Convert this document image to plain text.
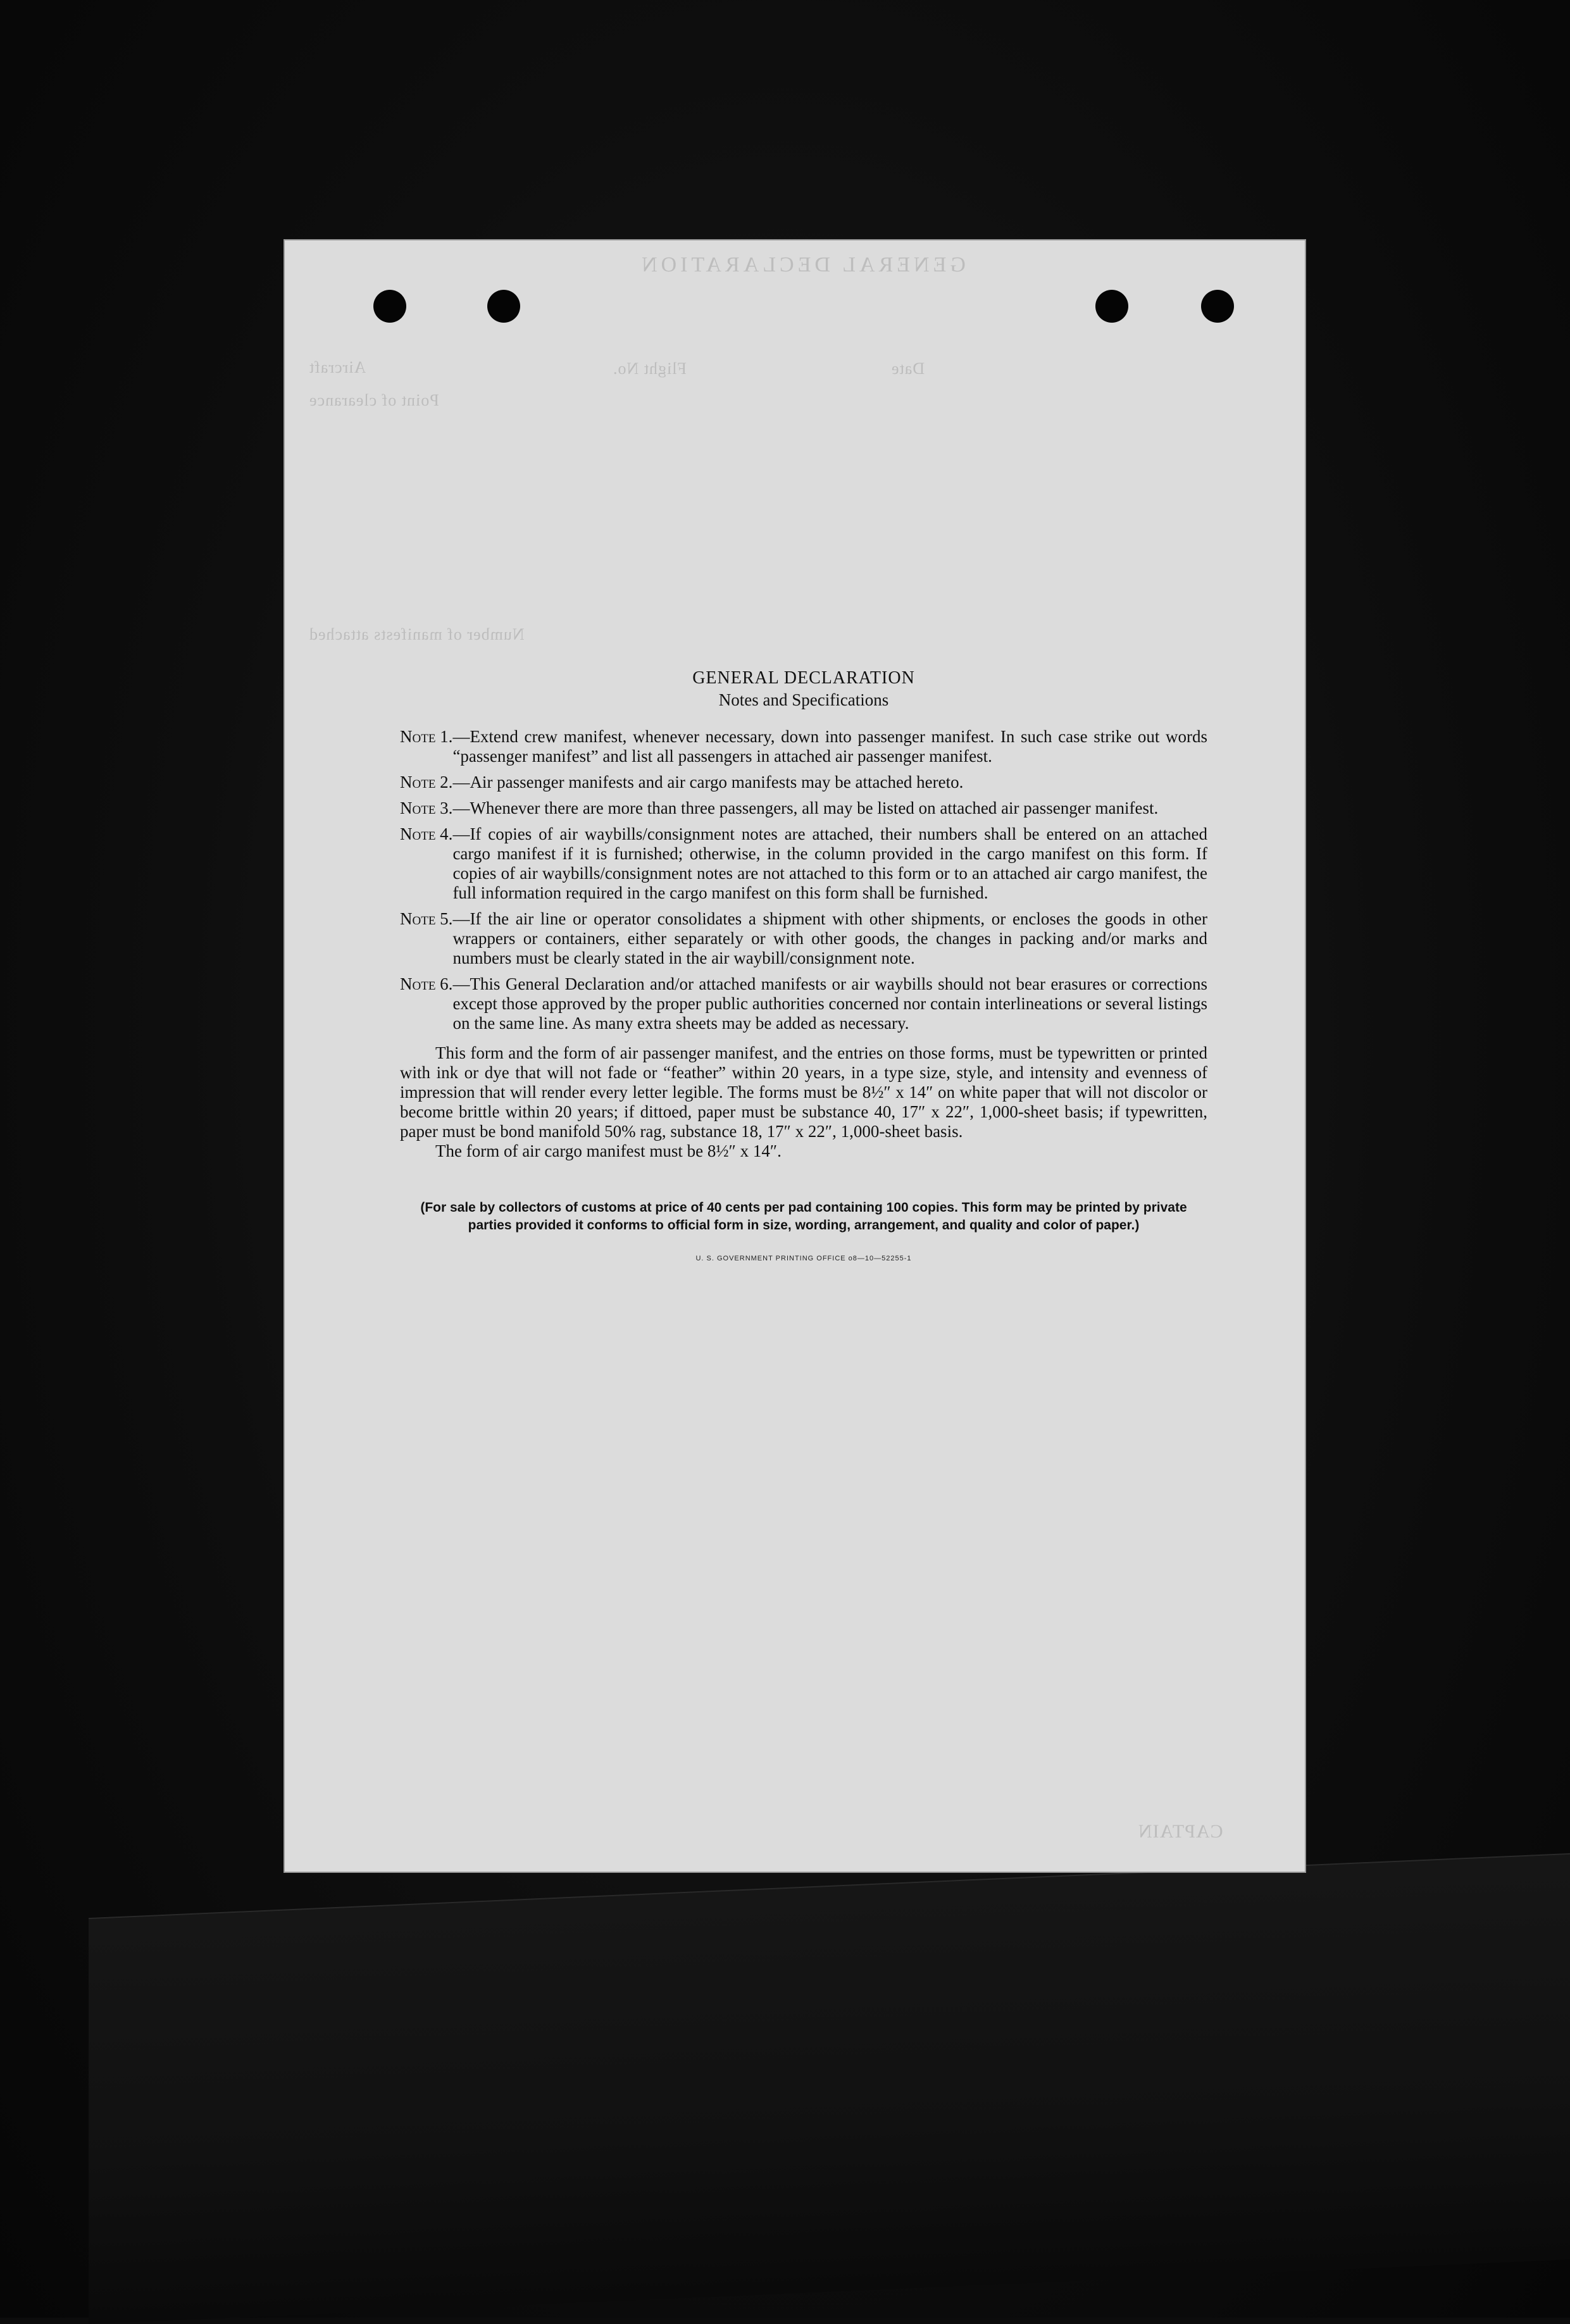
GENERAL DECLARATION
Aircraft
Point of clearance
Flight No.	Date
Number of manifests attached
CAPTAIN
GENERAL DECLARATION
Notes and Specifications
Note 1. —Extend crew manifest, whenever necessary, down into passenger manifest. In such case strike out words “passenger manifest” and list all passengers in attached air passenger manifest.
Note 2. —Air passenger manifests and air cargo manifests may be attached hereto.
Note 3. —Whenever there are more than three passengers, all may be listed on attached air passenger manifest.
Note 4. —If copies of air waybills/consignment notes are attached, their numbers shall be entered on an attached cargo manifest if it is furnished; otherwise, in the column provided in the cargo manifest on this form. If copies of air waybills/consignment notes are not attached to this form or to an attached air cargo manifest, the full information required in the cargo manifest on this form shall be furnished.
Note 5. —If the air line or operator consolidates a shipment with other shipments, or encloses the goods in other wrappers or containers, either separately or with other goods, the changes in packing and/or marks and numbers must be clearly stated in the air waybill/consignment note.
Note 6. —This General Declaration and/or attached manifests or air waybills should not bear erasures or corrections except those approved by the proper public authorities concerned nor contain interlineations or several listings on the same line. As many extra sheets may be added as necessary.

This form and the form of air passenger manifest, and the entries on those forms, must be typewritten or printed with ink or dye that will not fade or “feather” within 20 years, in a type size, style, and intensity and evenness of impression that will render every letter legible. The forms must be 8½″ x 14″ on white paper that will not discolor or become brittle within 20 years; if dittoed, paper must be substance 40, 17″ x 22″, 1,000-sheet basis; if typewritten, paper must be bond manifold 50% rag, substance 18, 17″ x 22″, 1,000-sheet basis.

The form of air cargo manifest must be 8½″ x 14″.

(For sale by collectors of customs at price of 40 cents per pad containing 100 copies. This form may be printed by private parties provided it conforms to official form in size, wording, arrangement, and quality and color of paper.)
U. S. GOVERNMENT PRINTING OFFICE o8—10—52255-1
